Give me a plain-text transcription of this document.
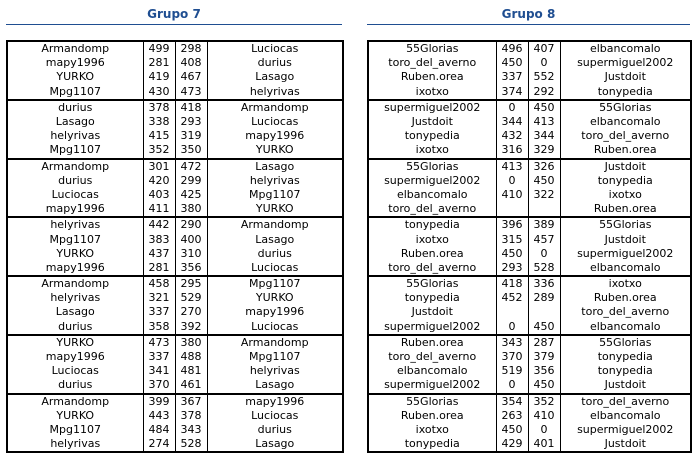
Grupo 7
Armandomp	499	298	Luciocas
mapy1996	281	408	durius
YURKO	419	467	Lasago
Mpg1107	430	473	helyrivas
durius	378	418	Armandomp
Lasago	338	293	Luciocas
helyrivas	415	319	mapy1996
Mpg1107	352	350	YURKO
Armandomp	301	472	Lasago
durius	420	299	helyrivas
Luciocas	403	425	Mpg1107
mapy1996	411	380	YURKO
helyrivas	442	290	Armandomp
Mpg1107	383	400	Lasago
YURKO	437	310	durius
mapy1996	281	356	Luciocas
Armandomp	458	295	Mpg1107
helyrivas	321	529	YURKO
Lasago	337	270	mapy1996
durius	358	392	Luciocas
YURKO	473	380	Armandomp
mapy1996	337	488	Mpg1107
Luciocas	341	481	helyrivas
durius	370	461	Lasago
Armandomp	399	367	mapy1996
YURKO	443	378	Luciocas
Mpg1107	484	343	durius
helyrivas	274	528	Lasago
Grupo 8
55Glorias	496	407	elbancomalo
toro_del_averno	450	0	supermiguel2002
Ruben.orea	337	552	Justdoit
ixotxo	374	292	tonypedia
supermiguel2002	0	450	55Glorias
Justdoit	344	413	elbancomalo
tonypedia	432	344	toro_del_averno
ixotxo	316	329	Ruben.orea
55Glorias	413	326	Justdoit
supermiguel2002	0	450	tonypedia
elbancomalo	410	322	ixotxo
toro_del_averno			Ruben.orea
tonypedia	396	389	55Glorias
ixotxo	315	457	Justdoit
Ruben.orea	450	0	supermiguel2002
toro_del_averno	293	528	elbancomalo
55Glorias	418	336	ixotxo
tonypedia	452	289	Ruben.orea
Justdoit			toro_del_averno
supermiguel2002	0	450	elbancomalo
Ruben.orea	343	287	55Glorias
toro_del_averno	370	379	tonypedia
elbancomalo	519	356	tonypedia
supermiguel2002	0	450	Justdoit
55Glorias	354	352	toro_del_averno
Ruben.orea	263	410	elbancomalo
ixotxo	450	0	supermiguel2002
tonypedia	429	401	Justdoit
